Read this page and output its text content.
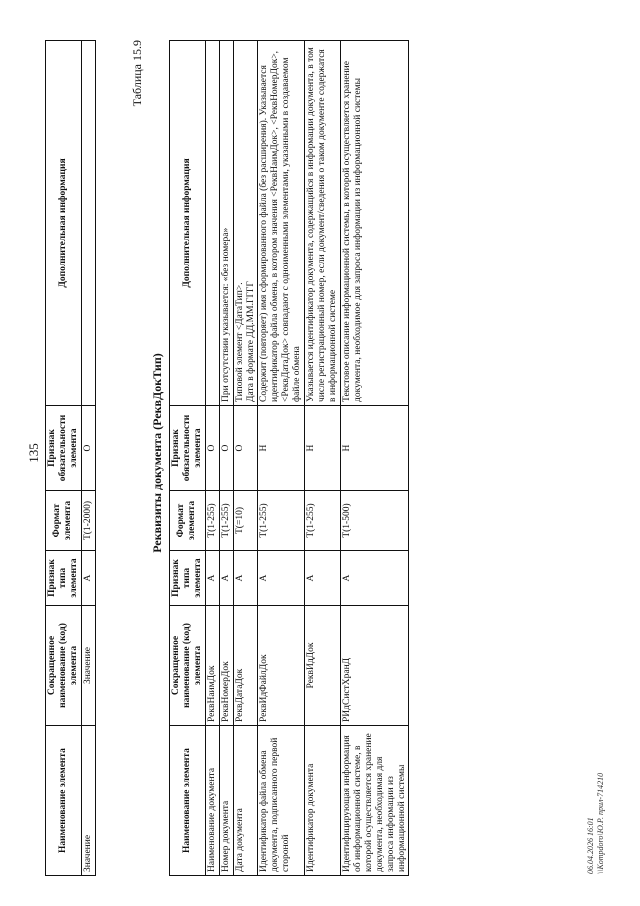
135
Наименование элемента	Сокращенное наименование (код) элемента	Признак типа элемента	Формат элемента	Признак обязательности элемента	Дополнительная информация
Значение	Значение	А	T(1-2000)	О	
Таблица 15.9
Реквизиты документа (РеквДокТип)
Наименование элемента	Сокращенное наименование (код) элемента	Признак типа элемента	Формат элемента	Признак обязательности элемента	Дополнительная информация
Наименование документа	РеквНаимДок	А	T(1-255)	О	
Номер документа	РеквНомерДок	А	T(1-255)	О	При отсутствии указывается: «без номера»
Дата документа	РеквДатаДок	А	T(=10)	О	Типовой элемент <ДатаТип>.
Дата в формате ДД.ММ.ГГГГ
Идентификатор файла обмена документа, подписанного первой стороной	РеквИдФайлДок	А	T(1-255)	Н	Содержит (повторяет) имя сформированного файла (без расширения). Указывается идентификатор файла обмена, в котором значения <РеквНаимДок>, <РеквНомерДок>, <РеквДатаДок> совпадают с одноименными элементами, указанными в создаваемом файле обмена
Идентификатор документа	РеквИдДок	А	T(1-255)	Н	Указывается идентификатор документа, содержащийся в информации документа, в том числе регистрационный номер, если документ/сведения о таком документе содержатся в информационной системе
Идентифицирующая информация об информационной системе, в которой осуществляется хранение документа, необходимая для запроса информации из информационной системы	РИдСистХранД	А	T(1-500)	Н	Текстовое описание информационной системы, в которой осуществляется хранение документа, необходимое для запроса информации из информационной системы
06.04.2026 16:01 \\Kompdoro\Ю.Р. прил-714210
